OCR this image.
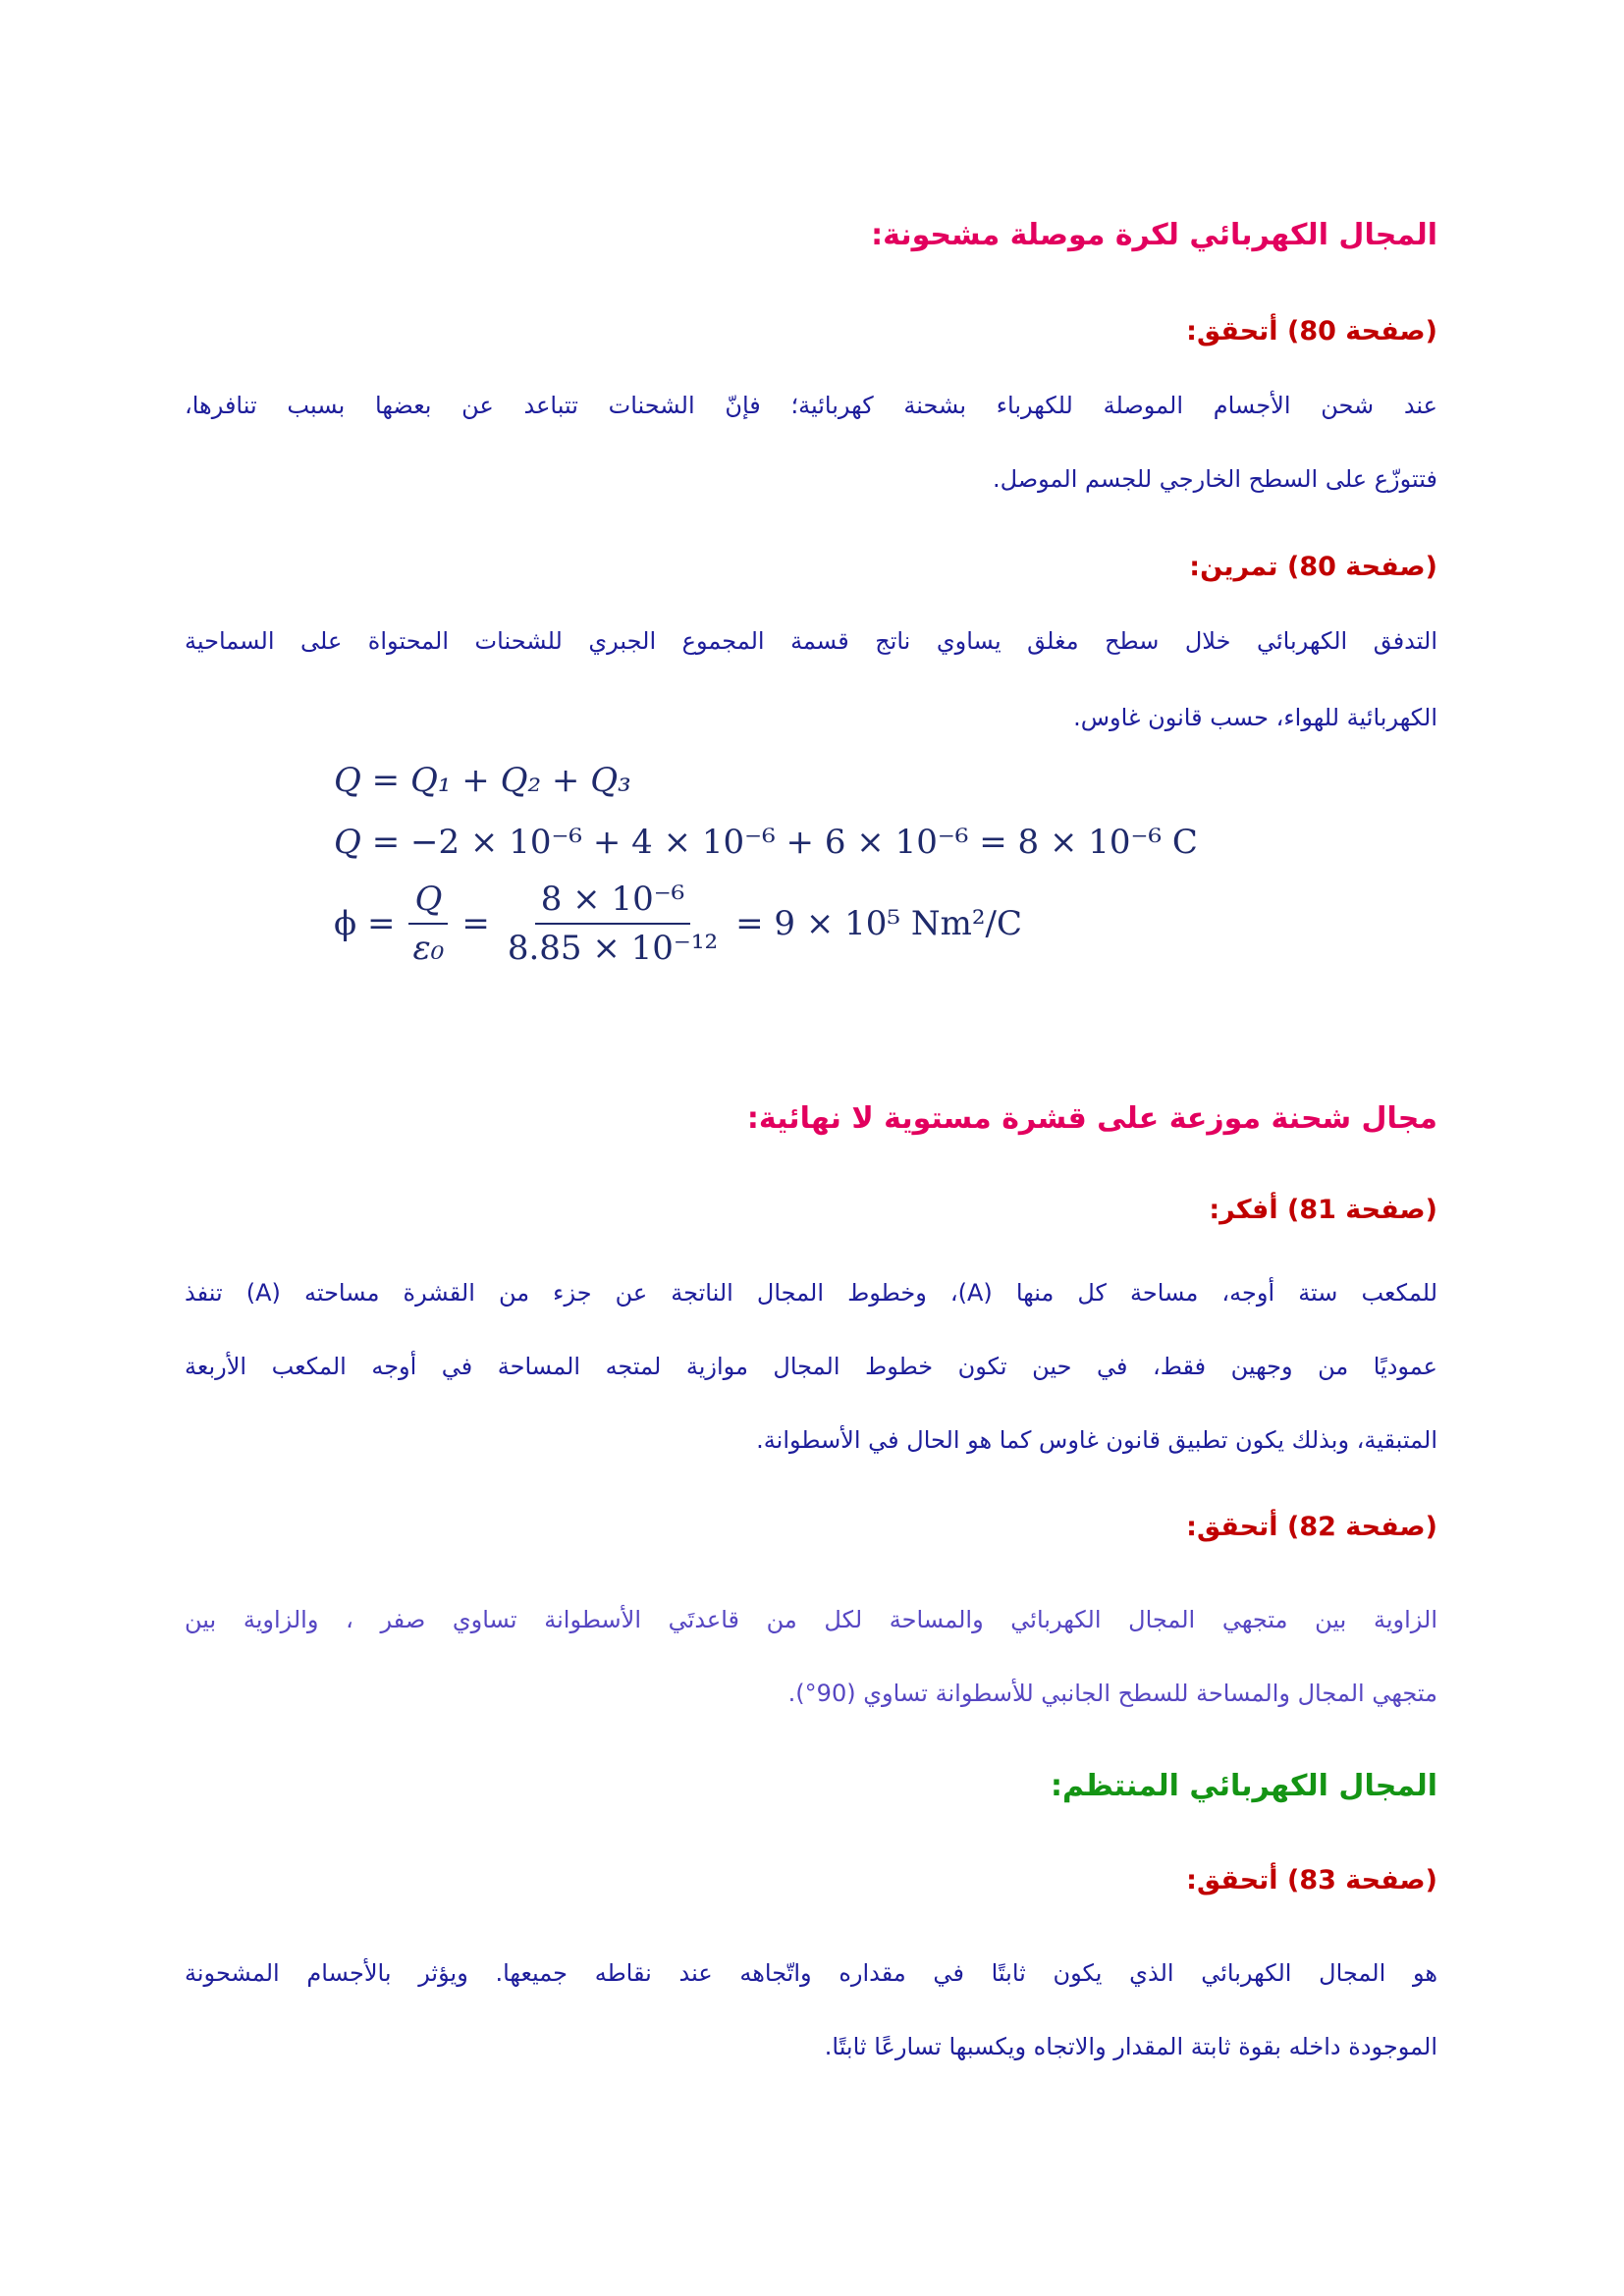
المجال الكهربائي لكرة موصلة مشحونة:
(صفحة 80) أتحقق:

عند شحن الأجسام الموصلة للكهرباء بشحنة كهربائية؛ فإنّ الشحنات تتباعد عن بعضها بسبب تنافرها،

فتتوزّع على السطح الخارجي للجسم الموصل.

(صفحة 80) تمرين:

التدفق الكهربائي خلال سطح مغلق يساوي ناتج قسمة المجموع الجبري للشحنات المحتواة على السماحية

الكهربائية للهواء، حسب قانون غاوس.

Q = Q₁ + Q₂ + Q₃
Q = −2 × 10⁻⁶ + 4 × 10⁻⁶ + 6 × 10⁻⁶ = 8 × 10⁻⁶ C
$\phi = \frac{Q}{\text{ε₀}} = \frac{\text{8 × 10⁻⁶}}{\text{8.85 × 10⁻¹²}} = 9 \times 10^5$ Nm²/C
مجال شحنة موزعة على قشرة مستوية لا نهائية:
(صفحة 81) أفكر:

للمكعب ستة أوجه، مساحة كل منها (A)، وخطوط المجال الناتجة عن جزء من القشرة مساحته (A) تنفذ

عموديًا من وجهين فقط، في حين تكون خطوط المجال موازية لمتجه المساحة في أوجه المكعب الأربعة

المتبقية، وبذلك يكون تطبيق قانون غاوس كما هو الحال في الأسطوانة.

(صفحة 82) أتحقق:

الزاوية بين متجهي المجال الكهربائي والمساحة لكل من قاعدتَي الأسطوانة تساوي صفر ، والزاوية بين

متجهي المجال والمساحة للسطح الجانبي للأسطوانة تساوي (90°).

المجال الكهربائي المنتظم:
(صفحة 83) أتحقق:

هو المجال الكهربائي الذي يكون ثابتًا في مقداره واتّجاهه عند نقاطه جميعها. ويؤثر بالأجسام المشحونة

الموجودة داخله بقوة ثابتة المقدار والاتجاه ويكسبها تسارعًا ثابتًا.
